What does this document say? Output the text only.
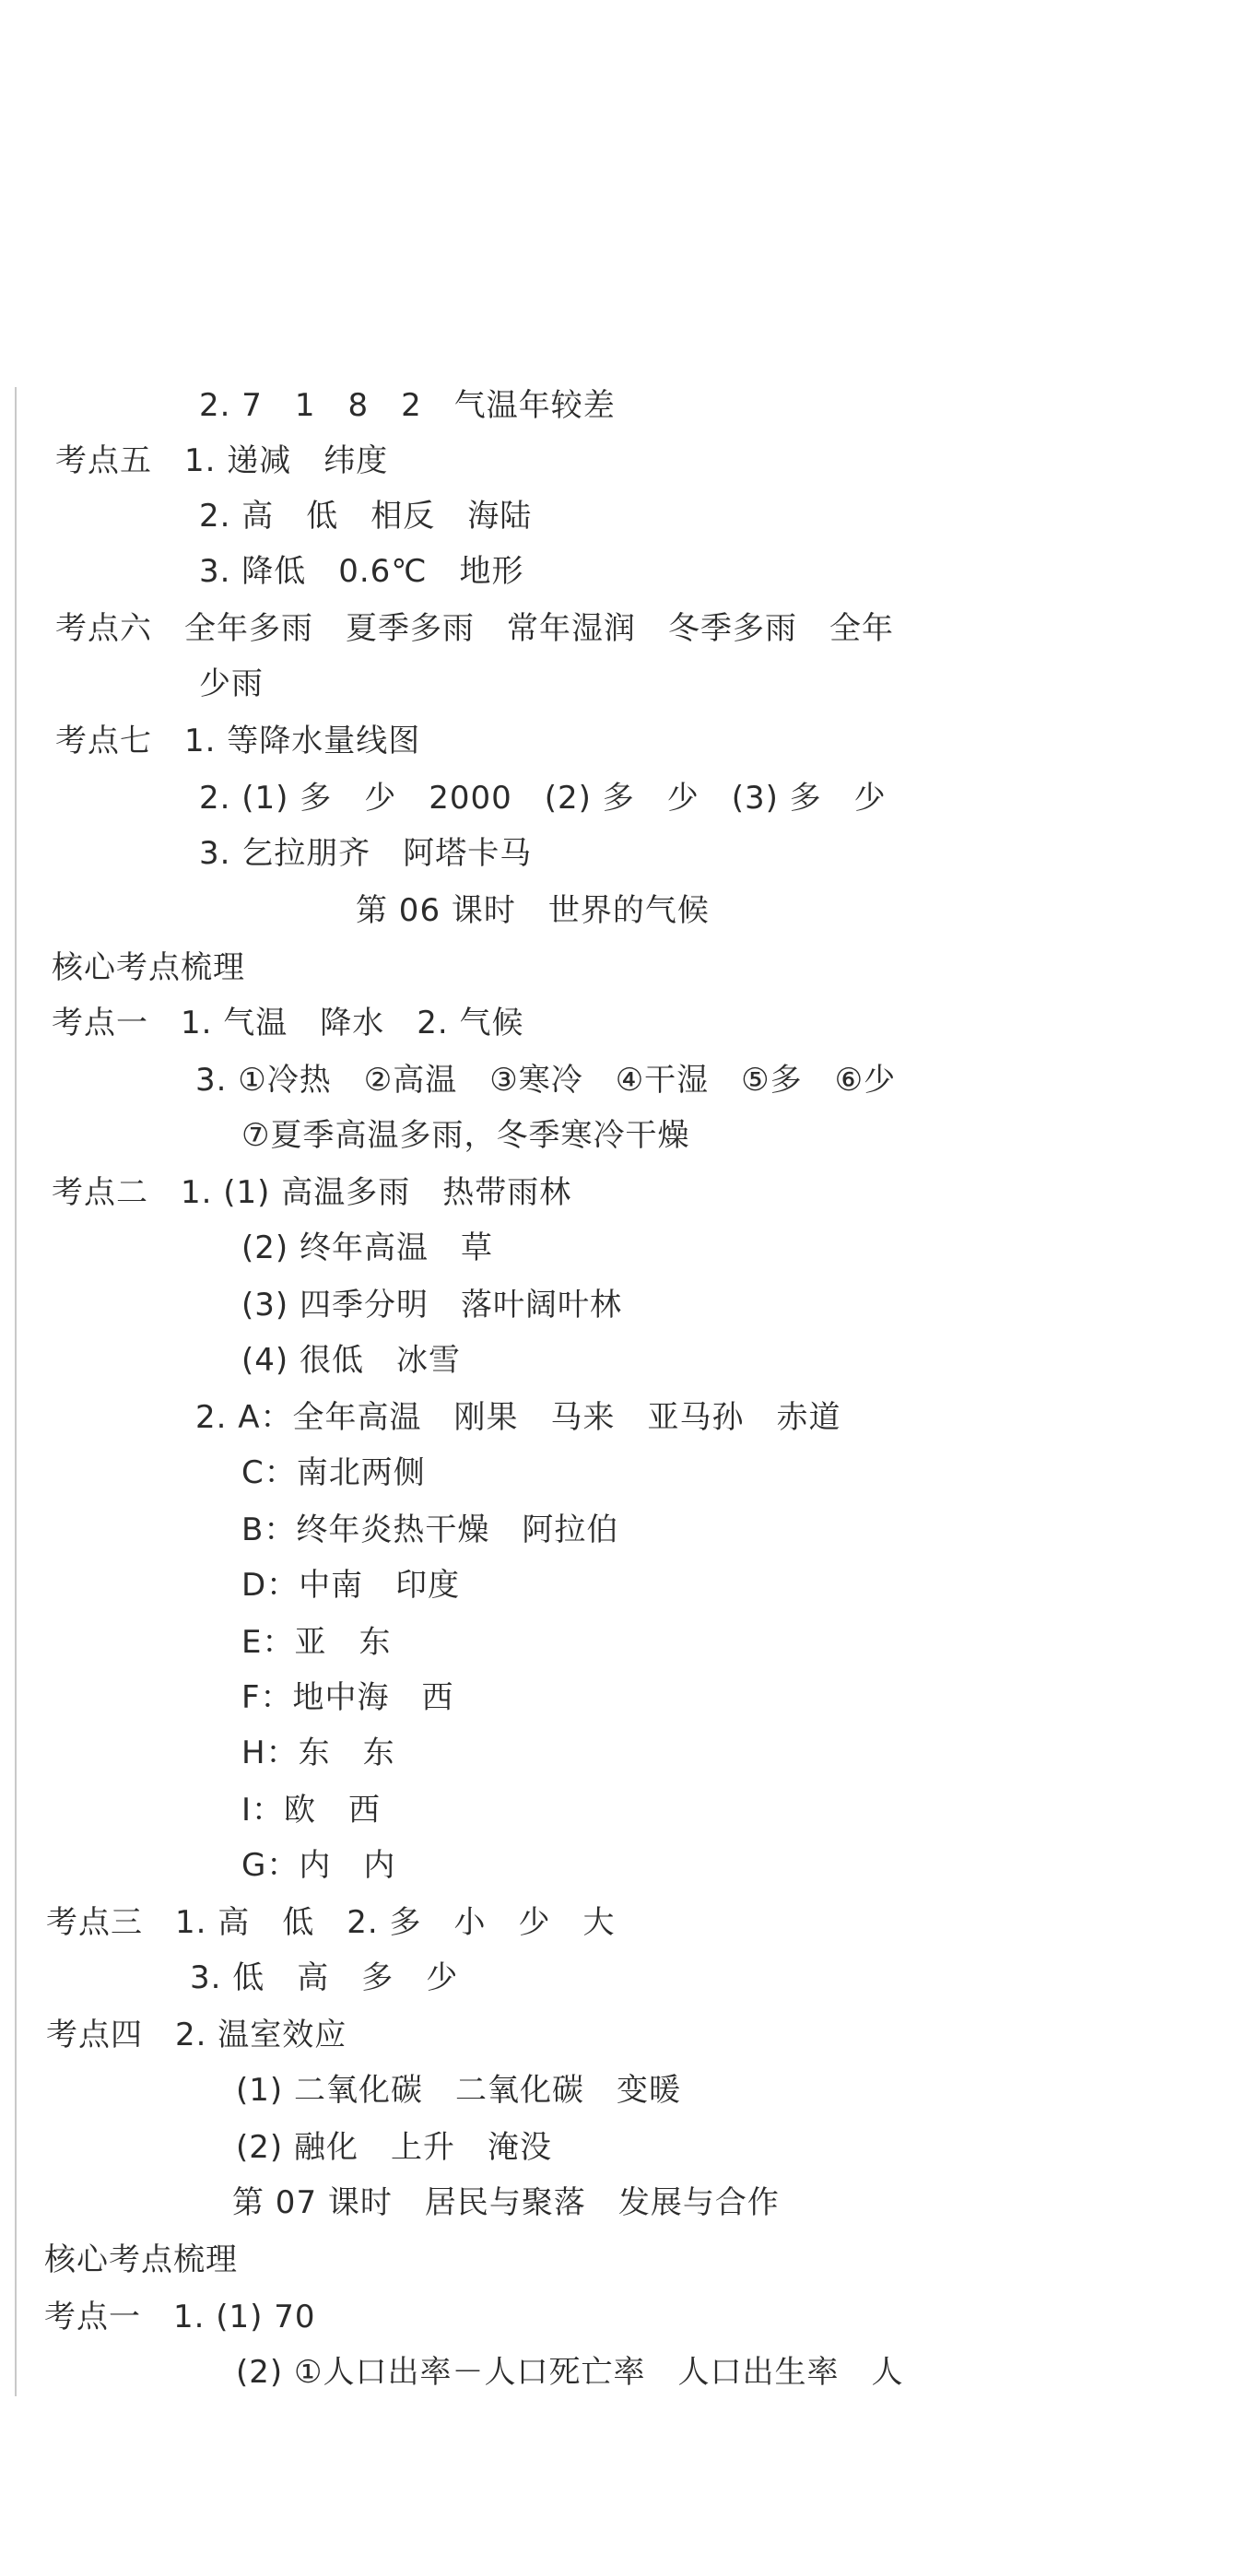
2. 7　1　8　2　气温年较差
考点五　1. 递减　纬度
2. 高　低　相反　海陆
3. 降低　0.6℃　地形
考点六　全年多雨　夏季多雨　常年湿润　冬季多雨　全年
少雨
考点七　1. 等降水量线图
2. (1) 多　少　2000　(2) 多　少　(3) 多　少
3. 乞拉朋齐　阿塔卡马
第 06 课时　世界的气候
核心考点梳理
考点一　1. 气温　降水　2. 气候
3. ①冷热　②高温　③寒冷　④干湿　⑤多　⑥少
⑦夏季高温多雨，冬季寒冷干燥
考点二　1. (1) 高温多雨　热带雨林
(2) 终年高温　草
(3) 四季分明　落叶阔叶林
(4) 很低　冰雪
2. A：全年高温　刚果　马来　亚马孙　赤道
C：南北两侧
B：终年炎热干燥　阿拉伯
D：中南　印度
E：亚　东
F：地中海　西
H：东　东
I：欧　西
G：内　内
考点三　1. 高　低　2. 多　小　少　大
3. 低　高　多　少
考点四　2. 温室效应
(1) 二氧化碳　二氧化碳　变暖
(2) 融化　上升　淹没
第 07 课时　居民与聚落　发展与合作
核心考点梳理
考点一　1. (1) 70
(2) ①人口出率－人口死亡率　人口出生率　人
